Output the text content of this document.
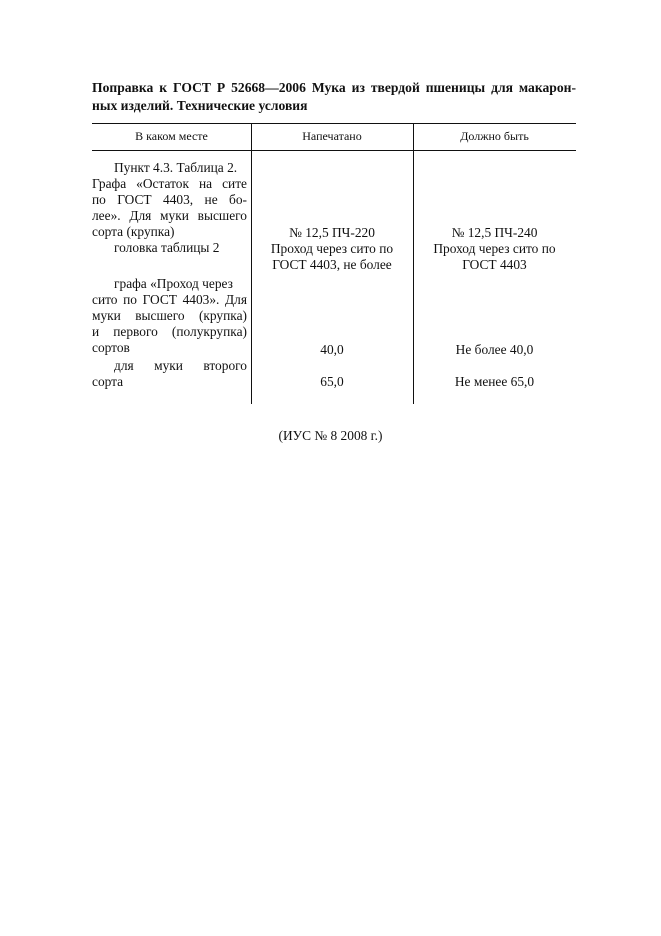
Поправка к ГОСТ Р 52668—2006 Мука из твердой пшеницы для макарон-
ных изделий. Технические условия
В каком месте	Напечатано	Должно быть
Пункт 4.3. Таблица 2.
Графа «Остаток на сите
по ГОСТ 4403, не бо-
лее». Для муки высшего
сорта (крупка)
головка таблицы 2
графа «Проход через
сито по ГОСТ 4403». Для
муки высшего (крупка)
и первого (полукрупка)
сортов
для муки второго
сорта
№ 12,5 ПЧ-220
Проход через сито по
ГОСТ 4403, не более
40,0
65,0
№ 12,5 ПЧ-240
Проход через сито по
ГОСТ 4403
Не более 40,0
Не менее 65,0
(ИУС № 8 2008 г.)
